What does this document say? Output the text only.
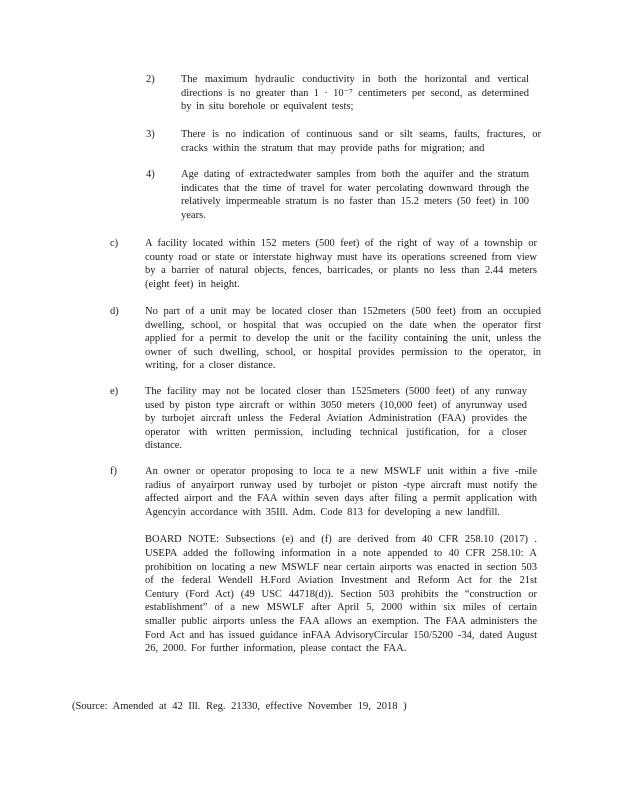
2)	The maximum hydraulic conductivity in both the horizontal and vertical directions is no greater than 1 · 10⁻⁷ centimeters per second, as determined by in situ borehole or equivalent tests;
3)	There is no indication of continuous sand or silt seams, faults, fractures, or cracks within the stratum that may provide paths for migration; and
4)	Age dating of extractedwater samples from both the aquifer and the stratum indicates that the time of travel for water percolating downward through the relatively impermeable stratum is no faster than 15.2 meters (50 feet) in 100 years.
c)	A facility located within 152 meters (500 feet) of the right of way of a township or county road or state or interstate highway must have its operations screened from view by a barrier of natural objects, fences, barricades, or plants no less than 2.44 meters (eight feet) in height.
d)	No part of a unit may be located closer than 152meters (500 feet) from an occupied dwelling, school, or hospital that was occupied on the date when the operator first applied for a permit to develop the unit or the facility containing the unit, unless the owner of such dwelling, school, or hospital provides permission to the operator, in writing, for a closer distance.
e)	The facility may not be located closer than 1525meters (5000 feet) of any runway used by piston type aircraft or within 3050 meters (10,000 feet) of anyrunway used by turbojet aircraft unless the Federal Aviation Administration (FAA) provides the operator with written permission, including technical justification, for a closer distance.
f)	An owner or operator proposing to loca te a new MSWLF unit within a five -mile radius of anyairport runway used by turbojet or piston -type aircraft must notify the affected airport and the FAA within seven days after filing a permit application with Agencyin accordance with 35Ill. Adm. Code 813 for developing a new landfill.

BOARD NOTE: Subsections (e) and (f) are derived from 40 CFR 258.10 (2017) . USEPA added the following information in a note appended to 40 CFR 258.10: A prohibition on locating a new MSWLF near certain airports was enacted in section 503 of the federal Wendell H.Ford Aviation Investment and Reform Act for the 21st Century (Ford Act) (49 USC 44718(d)). Section 503 prohibits the “construction or establishment” of a new MSWLF after April 5, 2000 within six miles of certain smaller public airports unless the FAA allows an exemption. The FAA administers the Ford Act and has issued guidance inFAA AdvisoryCircular 150/5200 -34, dated August 26, 2000. For further information, please contact the FAA.

(Source: Amended at 42 Ill. Reg. 21330, effective November 19, 2018 )
